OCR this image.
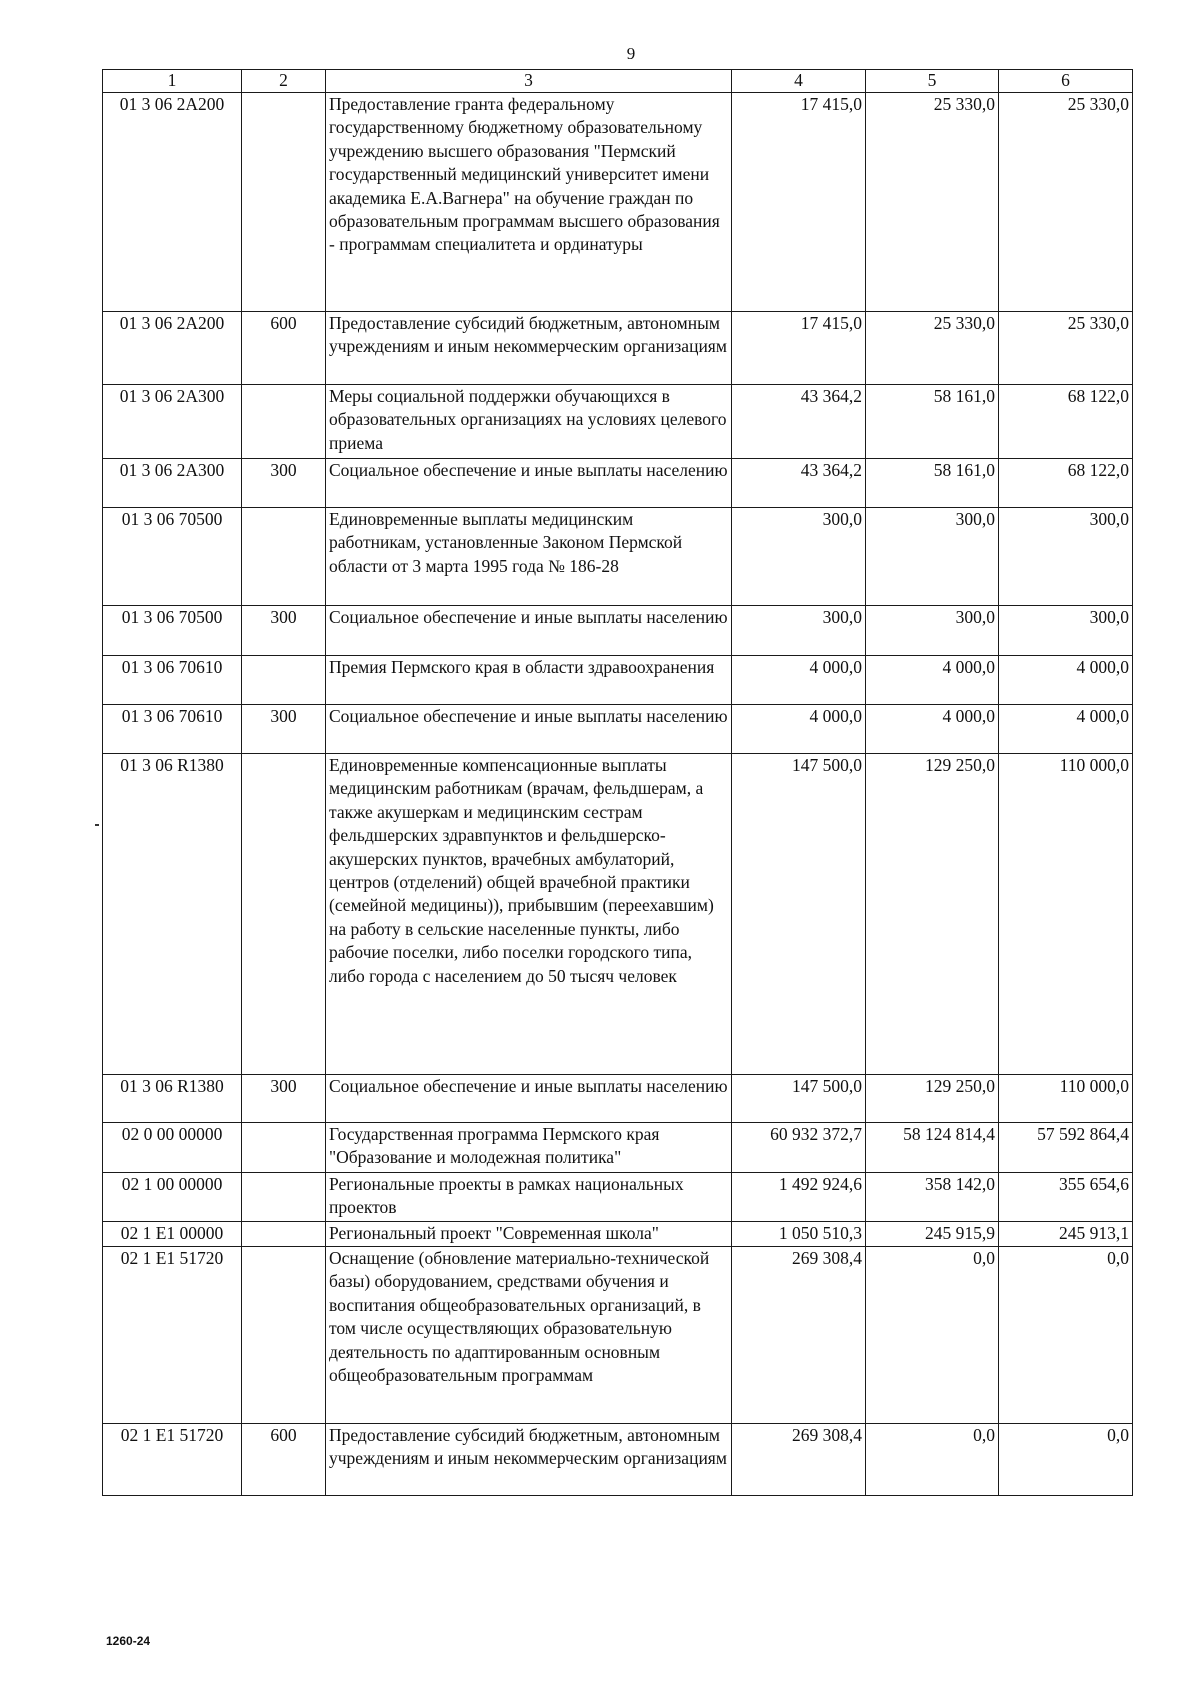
9
1	2	3	4	5	6
01 3 06 2A200		Предоставление гранта федеральному государственному бюджетному образовательному учреждению высшего образования "Пермский государственный медицинский университет имени академика Е.А.Вагнера" на обучение граждан по образовательным программам высшего образования - программам специалитета и ординатуры	17 415,0	25 330,0	25 330,0
01 3 06 2A200	600	Предоставление субсидий бюджетным, автономным учреждениям и иным некоммерческим организациям	17 415,0	25 330,0	25 330,0
01 3 06 2A300		Меры социальной поддержки обучающихся в образовательных организациях на условиях целевого приема	43 364,2	58 161,0	68 122,0
01 3 06 2A300	300	Социальное обеспечение и иные выплаты населению	43 364,2	58 161,0	68 122,0
01 3 06 70500		Единовременные выплаты медицинским работникам, установленные Законом Пермской области от 3 марта 1995 года № 186-28	300,0	300,0	300,0
01 3 06 70500	300	Социальное обеспечение и иные выплаты населению	300,0	300,0	300,0
01 3 06 70610		Премия Пермского края в области здравоохранения	4 000,0	4 000,0	4 000,0
01 3 06 70610	300	Социальное обеспечение и иные выплаты населению	4 000,0	4 000,0	4 000,0
01 3 06 R1380		Единовременные компенсационные выплаты медицинским работникам (врачам, фельдшерам, а также акушеркам и медицинским сестрам фельдшерских здравпунктов и фельдшерско-акушерских пунктов, врачебных амбулаторий, центров (отделений) общей врачебной практики (семейной медицины)), прибывшим (переехавшим) на работу в сельские населенные пункты, либо рабочие поселки, либо поселки городского типа, либо города с населением до 50 тысяч человек	147 500,0	129 250,0	110 000,0
01 3 06 R1380	300	Социальное обеспечение и иные выплаты населению	147 500,0	129 250,0	110 000,0
02 0 00 00000		Государственная программа Пермского края "Образование и молодежная политика"	60 932 372,7	58 124 814,4	57 592 864,4
02 1 00 00000		Региональные проекты в рамках национальных проектов	1 492 924,6	358 142,0	355 654,6
02 1 E1 00000		Региональный проект "Современная школа"	1 050 510,3	245 915,9	245 913,1
02 1 E1 51720		Оснащение (обновление материально-технической базы) оборудованием, средствами обучения и воспитания общеобразовательных организаций, в том числе осуществляющих образовательную деятельность по адаптированным основным общеобразовательным программам	269 308,4	0,0	0,0
02 1 E1 51720	600	Предоставление субсидий бюджетным, автономным учреждениям и иным некоммерческим организациям	269 308,4	0,0	0,0
1260-24
